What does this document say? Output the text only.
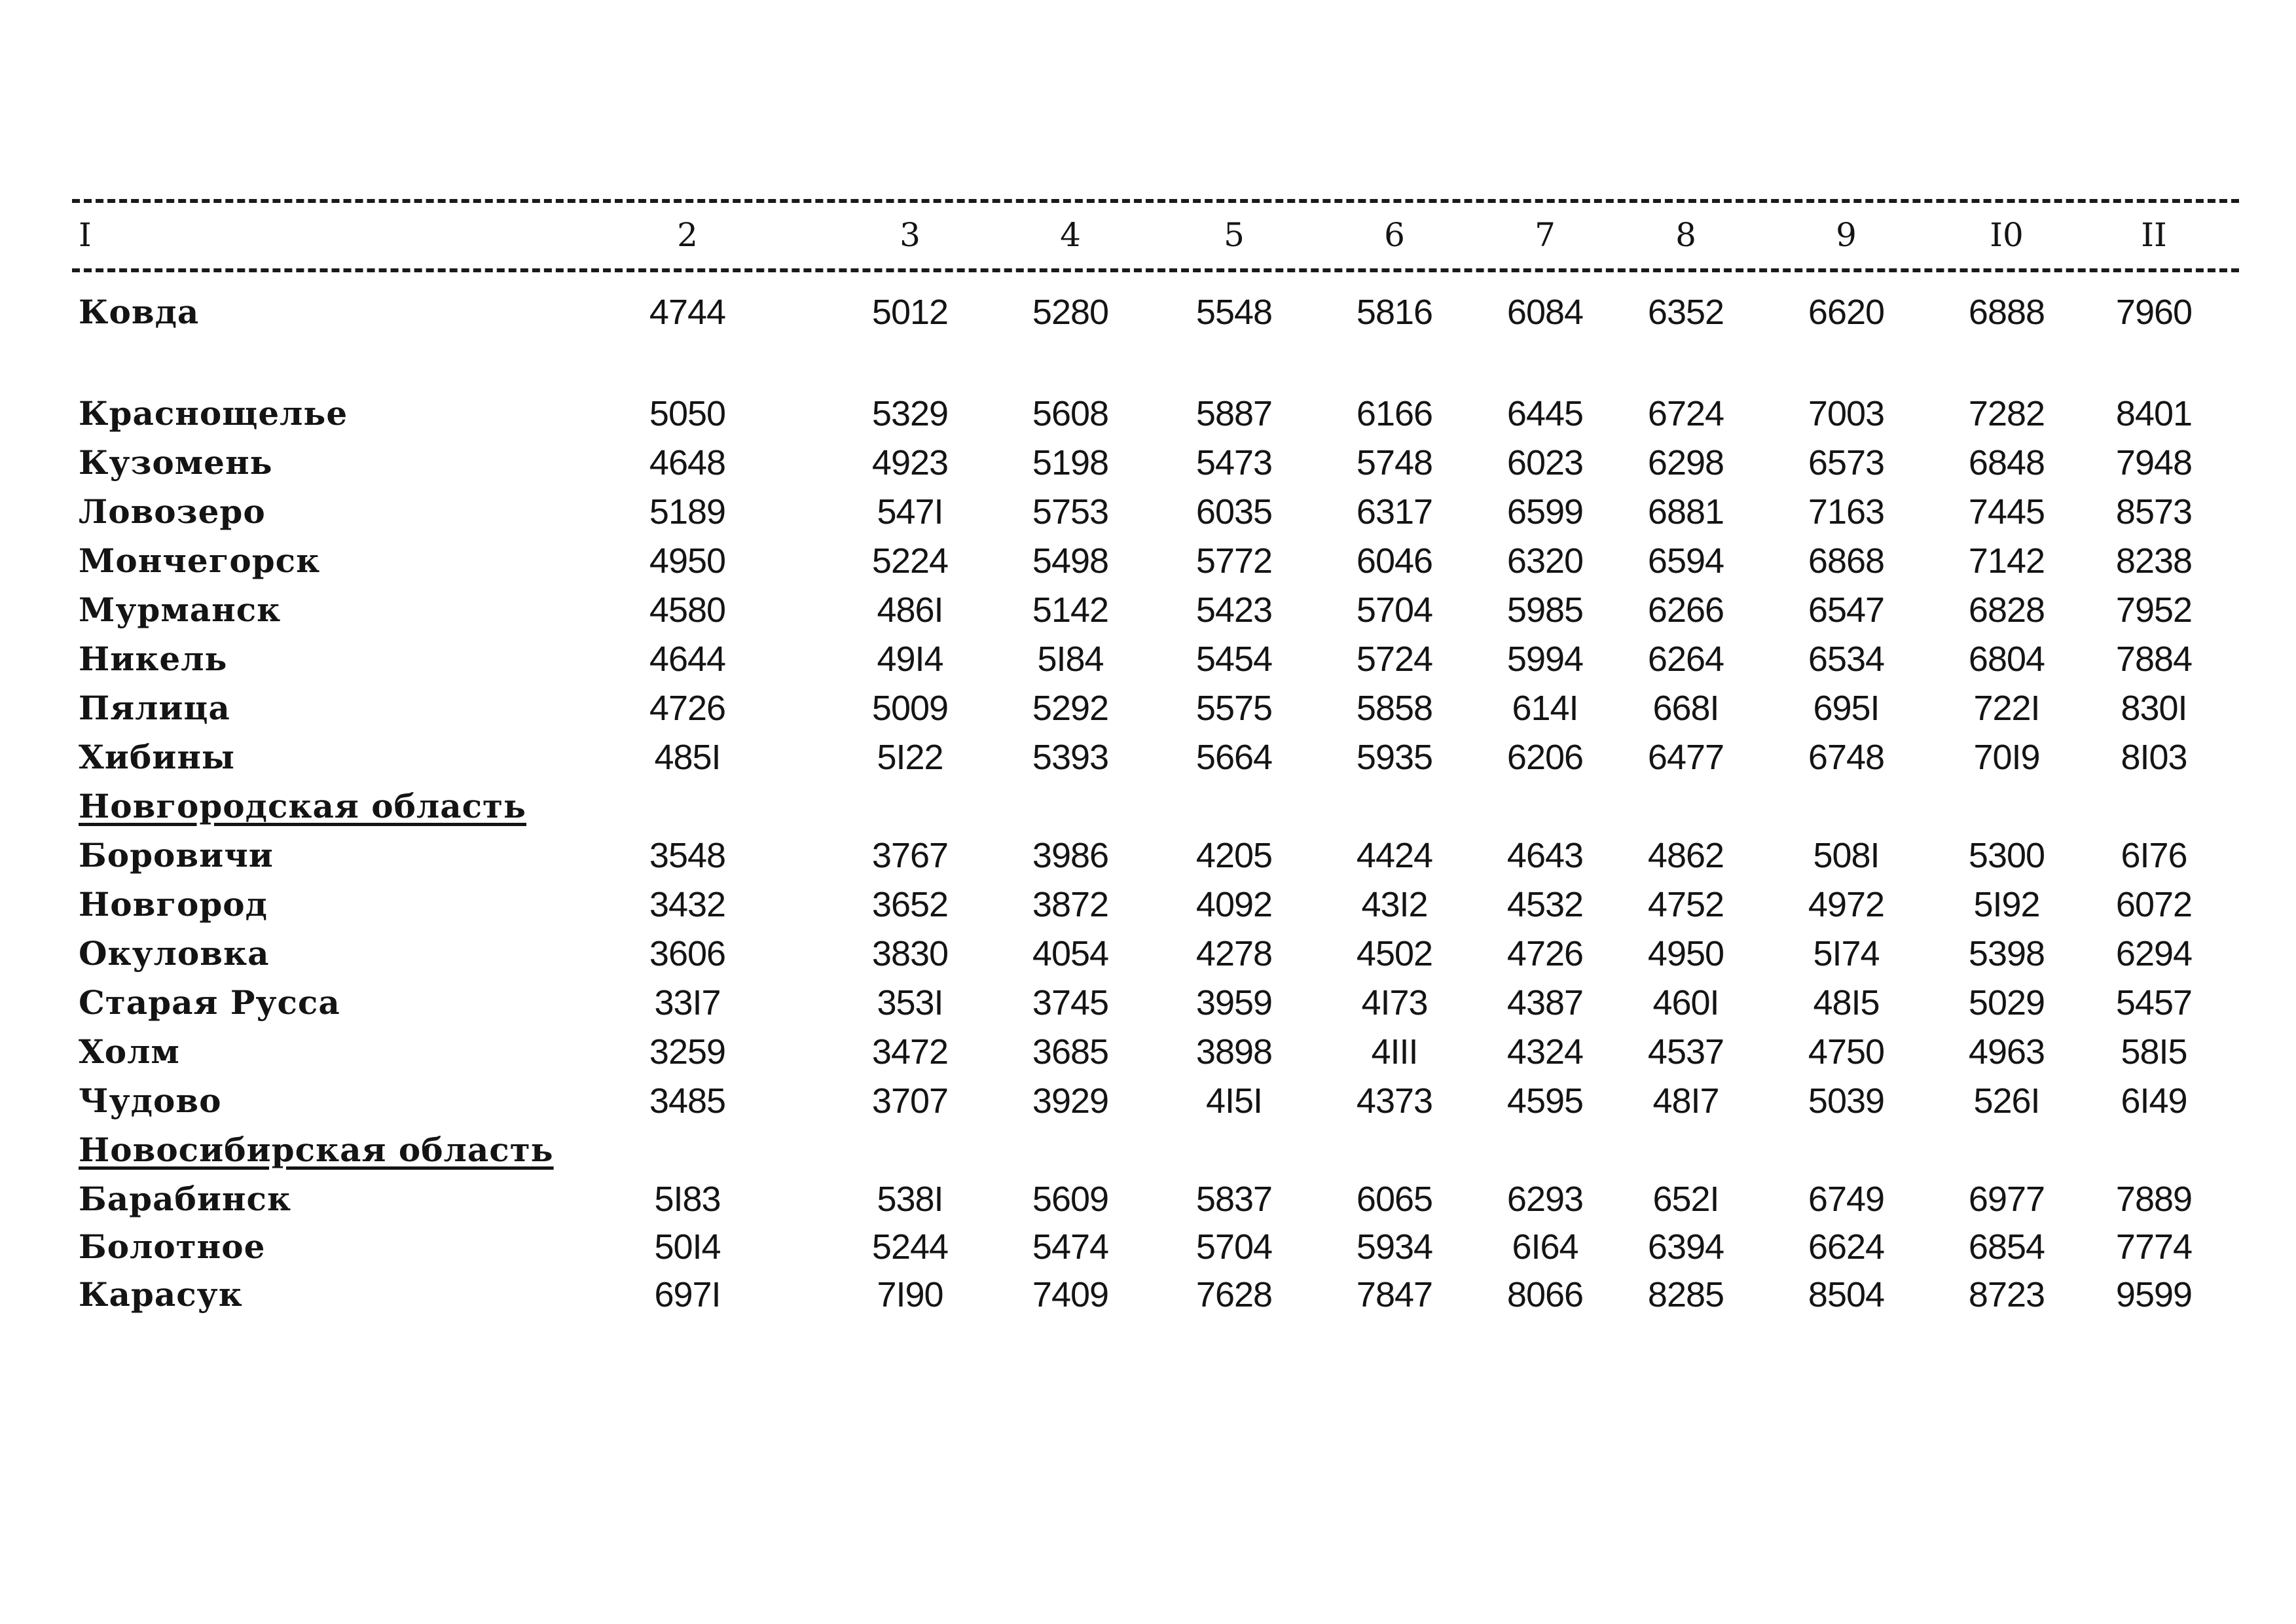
I	2	3	4	5	6	7	8	9	I0	II
Ковда	4744	5012	5280	5548	5816	6084	6352	6620	6888	7960
Краснощелье	5050	5329	5608	5887	6166	6445	6724	7003	7282	8401
Кузомень	4648	4923	5198	5473	5748	6023	6298	6573	6848	7948
Ловозеро	5189	547I	5753	6035	6317	6599	6881	7163	7445	8573
Мончегорск	4950	5224	5498	5772	6046	6320	6594	6868	7142	8238
Мурманск	4580	486I	5142	5423	5704	5985	6266	6547	6828	7952
Никель	4644	49I4	5I84	5454	5724	5994	6264	6534	6804	7884
Пялица	4726	5009	5292	5575	5858	614I	668I	695I	722I	830I
Хибины	485I	5I22	5393	5664	5935	6206	6477	6748	70I9	8I03
Новгородская область
Боровичи	3548	3767	3986	4205	4424	4643	4862	508I	5300	6I76
Новгород	3432	3652	3872	4092	43I2	4532	4752	4972	5I92	6072
Окуловка	3606	3830	4054	4278	4502	4726	4950	5I74	5398	6294
Старая Русса	33I7	353I	3745	3959	4I73	4387	460I	48I5	5029	5457
Холм	3259	3472	3685	3898	4III	4324	4537	4750	4963	58I5
Чудово	3485	3707	3929	4I5I	4373	4595	48I7	5039	526I	6I49
Новосибирская область
Барабинск	5I83	538I	5609	5837	6065	6293	652I	6749	6977	7889
Болотное	50I4	5244	5474	5704	5934	6I64	6394	6624	6854	7774
Карасук	697I	7I90	7409	7628	7847	8066	8285	8504	8723	9599
